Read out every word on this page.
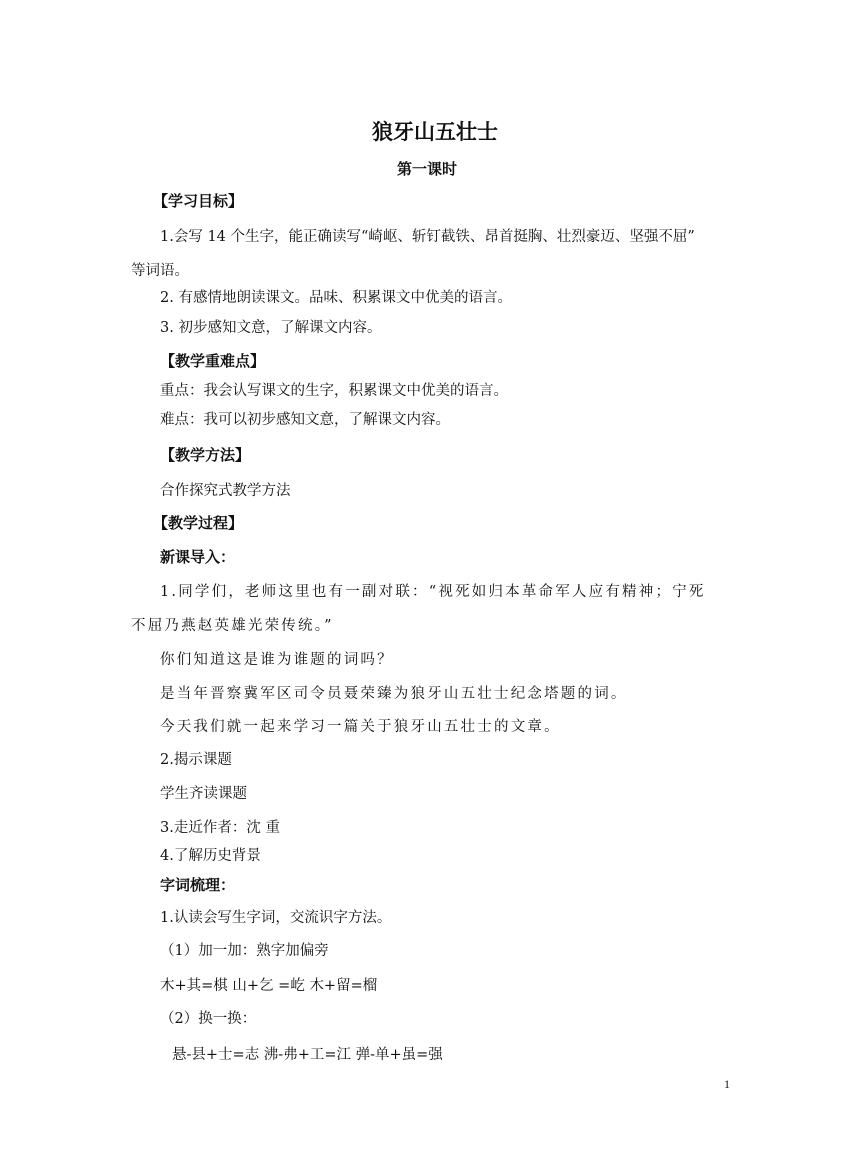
狼牙山五壮士
第一课时
【学习目标】
1.会写 14 个生字，能正确读写“崎岖、斩钉截铁、昂首挺胸、壮烈豪迈、坚强不屈”
等词语。
2. 有感情地朗读课文。品味、积累课文中优美的语言。
3. 初步感知文意，了解课文内容。
【教学重难点】
重点：我会认写课文的生字，积累课文中优美的语言。
难点：我可以初步感知文意，了解课文内容。
【教学方法】
合作探究式教学方法
【教学过程】
新课导入：
1.同学们，老师这里也有一副对联：“视死如归本革命军人应有精神；宁死
不屈乃燕赵英雄光荣传统。”
你们知道这是谁为谁题的词吗？
是当年晋察冀军区司令员聂荣臻为狼牙山五壮士纪念塔题的词。
今天我们就一起来学习一篇关于狼牙山五壮士的文章。
2.揭示课题
学生齐读课题
3.走近作者：沈 重
4.了解历史背景
字词梳理：
1.认读会写生字词，交流识字方法。
（1）加一加：熟字加偏旁
木+其=棋 山+乞 =屹 木+留=榴
（2）换一换：
悬-县+士=志 沸-弗+工=江 弹-单+虽=强
1
